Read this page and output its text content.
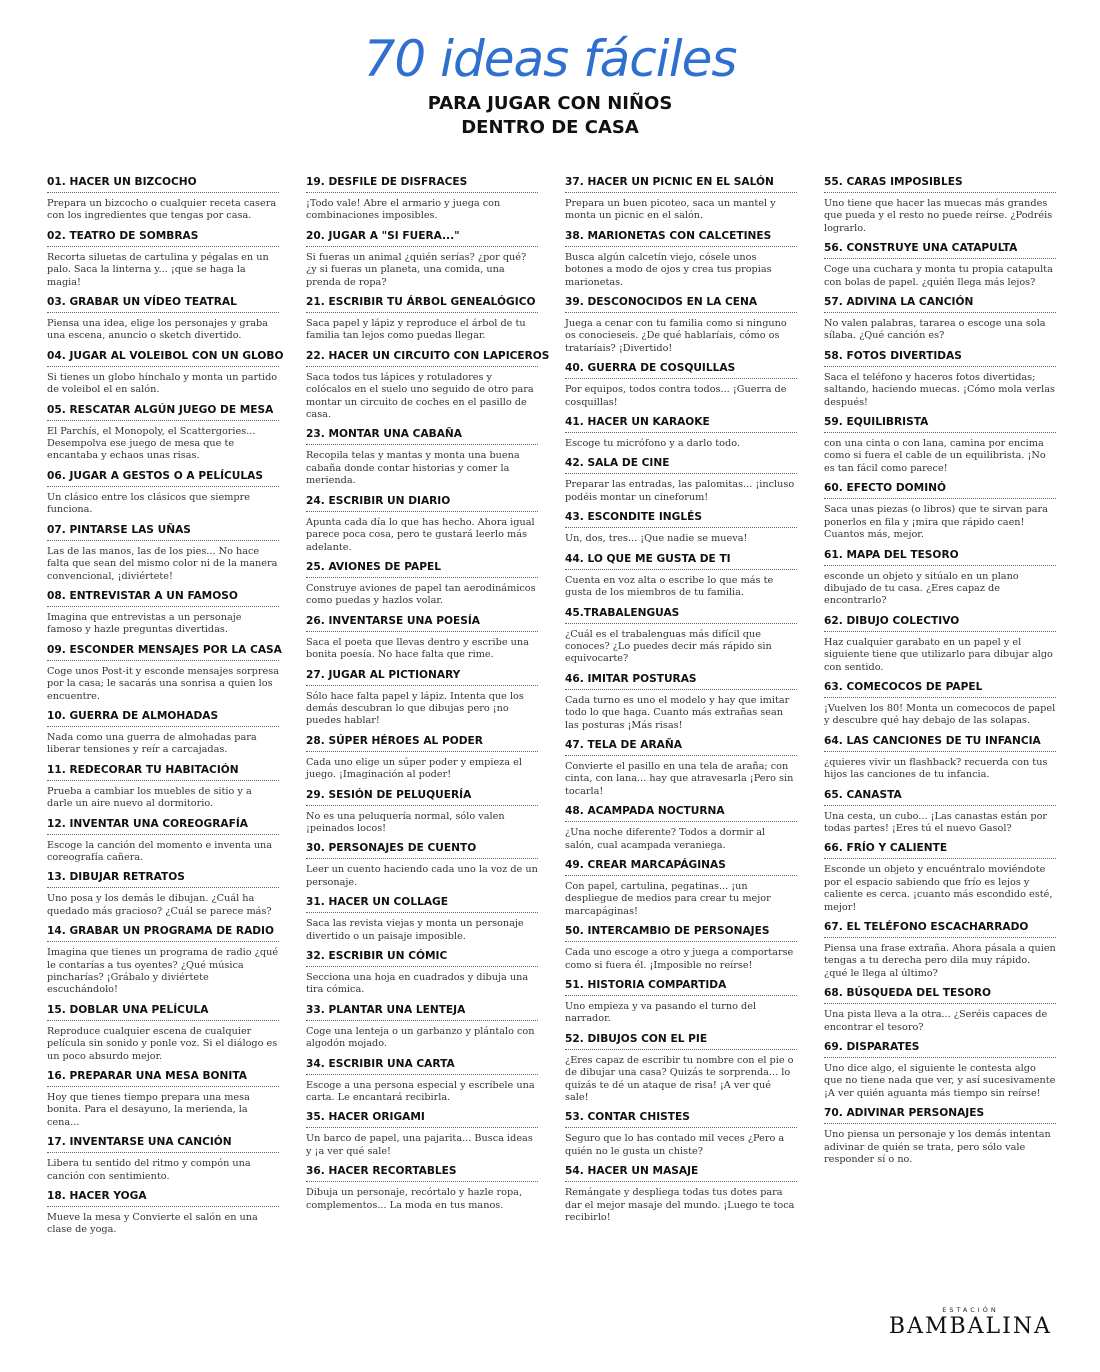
70 ideas fáciles
PARA JUGAR CON NIÑOS
DENTRO DE CASA
01. HACER UN BIZCOCHO
Prepara un bizcocho o cualquier receta casera con los ingredientes que tengas por casa.
02. TEATRO DE SOMBRAS
Recorta siluetas de cartulina y pégalas en un palo. Saca la linterna y... ¡que se haga la magia!
03. GRABAR UN VÍDEO TEATRAL
Piensa una idea, elige los personajes y graba una escena, anuncio o sketch divertido.
04. JUGAR AL VOLEIBOL CON UN GLOBO
Si tienes un globo hínchalo y monta un partido de voleibol el en salón.
05. RESCATAR ALGÚN JUEGO DE MESA
El Parchís, el Monopoly, el Scattergories... Desempolva ese juego de mesa que te encantaba y echaos unas risas.
06. JUGAR A GESTOS O A PELÍCULAS
Un clásico entre los clásicos que siempre funciona.
07. PINTARSE LAS UÑAS
Las de las manos, las de los pies... No hace falta que sean del mismo color ni de la manera convencional, ¡diviértete!
08. ENTREVISTAR A UN FAMOSO
Imagina que entrevistas a un personaje famoso y hazle preguntas divertidas.
09. ESCONDER MENSAJES POR LA CASA
Coge unos Post-it y esconde mensajes sorpresa por la casa; le sacarás una sonrisa a quien los encuentre.
10. GUERRA DE ALMOHADAS
Nada como una guerra de almohadas para liberar tensiones y reír a carcajadas.
11. REDECORAR TU HABITACIÓN
Prueba a cambiar los muebles de sitio y a darle un aire nuevo al dormitorio.
12. INVENTAR UNA COREOGRAFÍA
Escoge la canción del momento e inventa una coreografía cañera.
13. DIBUJAR RETRATOS
Uno posa y los demás le dibujan. ¿Cuál ha quedado más gracioso? ¿Cuál se parece más?
14. GRABAR UN PROGRAMA DE RADIO
Imagina que tienes un programa de radio ¿qué le contarías a tus oyentes? ¿Qué música pincharías? ¡Grábalo y diviértete escuchándolo!
15. DOBLAR UNA PELÍCULA
Reproduce cualquier escena de cualquier película sin sonido y ponle voz. Si el diálogo es un poco absurdo mejor.
16. PREPARAR UNA MESA BONITA
Hoy que tienes tiempo prepara una mesa bonita. Para el desayuno, la merienda, la cena...
17. INVENTARSE UNA CANCIÓN
Libera tu sentido del ritmo y compón una canción con sentimiento.
18. HACER YOGA
Mueve la mesa y Convierte el salón en una clase de yoga.
19. DESFILE DE DISFRACES
¡Todo vale! Abre el armario y juega con combinaciones imposibles.
20. JUGAR A "SI FUERA..."
Si fueras un animal ¿quién serías? ¿por qué? ¿y si fueras un planeta, una comida, una prenda de ropa?
21. ESCRIBIR TU ÁRBOL GENEALÓGICO
Saca papel y lápiz y reproduce el árbol de tu familia tan lejos como puedas llegar.
22. HACER UN CIRCUITO CON LAPICEROS
Saca todos tus lápices y rotuladores y colócalos en el suelo uno seguido de otro para montar un circuito de coches en el pasillo de casa.
23. MONTAR UNA CABAÑA
Recopila telas y mantas y monta una buena cabaña donde contar historias y comer la merienda.
24. ESCRIBIR UN DIARIO
Apunta cada día lo que has hecho. Ahora igual parece poca cosa, pero te gustará leerlo más adelante.
25. AVIONES DE PAPEL
Construye aviones de papel tan aerodinámicos como puedas y hazlos volar.
26. INVENTARSE UNA POESÍA
Saca el poeta que llevas dentro y escribe una bonita poesía. No hace falta que rime.
27. JUGAR AL PICTIONARY
Sólo hace falta papel y lápiz. Intenta que los demás descubran lo que dibujas pero ¡no puedes hablar!
28. SÚPER HÉROES AL PODER
Cada uno elige un súper poder y empieza el juego. ¡Imaginación al poder!
29. SESIÓN DE PELUQUERÍA
No es una peluquería normal, sólo valen ¡peinados locos!
30. PERSONAJES DE CUENTO
Leer un cuento haciendo cada uno la voz de un personaje.
31. HACER UN COLLAGE
Saca las revista viejas y monta un personaje divertido o un paisaje imposible.
32. ESCRIBIR UN CÓMIC
Secciona una hoja en cuadrados y dibuja una tira cómica.
33. PLANTAR UNA LENTEJA
Coge una lenteja o un garbanzo y plántalo con algodón mojado.
34. ESCRIBIR UNA CARTA
Escoge a una persona especial y escríbele una carta. Le encantará recibirla.
35. HACER ORIGAMI
Un barco de papel, una pajarita... Busca ideas y ¡a ver qué sale!
36. HACER RECORTABLES
Dibuja un personaje, recórtalo y hazle ropa, complementos... La moda en tus manos.
37. HACER UN PICNIC EN EL SALÓN
Prepara un buen picoteo, saca un mantel y monta un picnic en el salón.
38. MARIONETAS CON CALCETINES
Busca algún calcetín viejo, cósele unos botones a modo de ojos y crea tus propias marionetas.
39. DESCONOCIDOS EN LA CENA
Juega a cenar con tu familia como si ninguno os conocieseis. ¿De qué hablaríais, cómo os trataríais? ¡Divertido!
40. GUERRA DE COSQUILLAS
Por equipos, todos contra todos... ¡Guerra de cosquillas!
41. HACER UN KARAOKE
Escoge tu micrófono y a darlo todo.
42. SALA DE CINE
Preparar las entradas, las palomitas... ¡incluso podéis montar un cineforum!
43. ESCONDITE INGLÉS
Un, dos, tres... ¡Que nadie se mueva!
44. LO QUE ME GUSTA DE TI
Cuenta en voz alta o escribe lo que más te gusta de los miembros de tu familia.
45.TRABALENGUAS
¿Cuál es el trabalenguas más difícil que conoces? ¿Lo puedes decir más rápido sin equivocarte?
46. IMITAR POSTURAS
Cada turno es uno el modelo y hay que imitar todo lo que haga. Cuanto más extrañas sean las posturas ¡Más risas!
47. TELA DE ARAÑA
Convierte el pasillo en una tela de araña; con cinta, con lana... hay que atravesarla ¡Pero sin tocarla!
48. ACAMPADA NOCTURNA
¿Una noche diferente? Todos a dormir al salón, cual acampada veraniega.
49. CREAR MARCAPÁGINAS
Con papel, cartulina, pegatinas... ¡un despliegue de medios para crear tu mejor marcapáginas!
50. INTERCAMBIO DE PERSONAJES
Cada uno escoge a otro y juega a comportarse como si fuera él. ¡Imposible no reírse!
51. HISTORIA COMPARTIDA
Uno empieza y va pasando el turno del narrador.
52. DIBUJOS CON EL PIE
¿Eres capaz de escribir tu nombre con el pie o de dibujar una casa? Quizás te sorprenda... lo quizás te dé un ataque de risa! ¡A ver qué sale!
53. CONTAR CHISTES
Seguro que lo has contado mil veces ¿Pero a quién no le gusta un chiste?
54. HACER UN MASAJE
Remángate y despliega todas tus dotes para dar el mejor masaje del mundo. ¡Luego te toca recibirlo!
55. CARAS IMPOSIBLES
Uno tiene que hacer las muecas más grandes que pueda y el resto no puede reírse. ¿Podréis lograrlo.
56. CONSTRUYE UNA CATAPULTA
Coge una cuchara y monta tu propia catapulta con bolas de papel. ¿quién llega más lejos?
57. ADIVINA LA CANCIÓN
No valen palabras, tararea o escoge una sola sílaba. ¿Qué canción es?
58. FOTOS DIVERTIDAS
Saca el teléfono y haceros fotos divertidas; saltando, haciendo muecas. ¡Cómo mola verlas después!
59. EQUILIBRISTA
con una cinta o con lana, camina por encima como si fuera el cable de un equilibrista. ¡No es tan fácil como parece!
60. EFECTO DOMINÓ
Saca unas piezas (o libros) que te sirvan para ponerlos en fila y ¡mira que rápido caen! Cuantos más, mejor.
61. MAPA DEL TESORO
esconde un objeto y sitúalo en un plano dibujado de tu casa. ¿Eres capaz de encontrarlo?
62. DIBUJO COLECTIVO
Haz cualquier garabato en un papel y el siguiente tiene que utilizarlo para dibujar algo con sentido.
63. COMECOCOS DE PAPEL
¡Vuelven los 80! Monta un comecocos de papel y descubre qué hay debajo de las solapas.
64. LAS CANCIONES DE TU INFANCIA
¿quieres vivir un flashback? recuerda con tus hijos las canciones de tu infancia.
65. CANASTA
Una cesta, un cubo... ¡Las canastas están por todas partes! ¡Eres tú el nuevo Gasol?
66. FRÍO Y CALIENTE
Esconde un objeto y encuéntralo moviéndote por el espacio sabiendo que frío es lejos y caliente es cerca. ¡cuanto más escondido esté, mejor!
67. EL TELÉFONO ESCACHARRADO
Piensa una frase extraña. Ahora pásala a quien tengas a tu derecha pero dila muy rápido. ¿qué le llega al último?
68. BÚSQUEDA DEL TESORO
Una pista lleva a la otra... ¿Seréis capaces de encontrar el tesoro?
69. DISPARATES
Uno dice algo, el siguiente le contesta algo que no tiene nada que ver, y así sucesivamente ¡A ver quién aguanta más tiempo sin reírse!
70. ADIVINAR PERSONAJES
Uno piensa un personaje y los demás intentan adivinar de quién se trata, pero sólo vale responder sí o no.
ESTACIÓN
BAMBALINA
